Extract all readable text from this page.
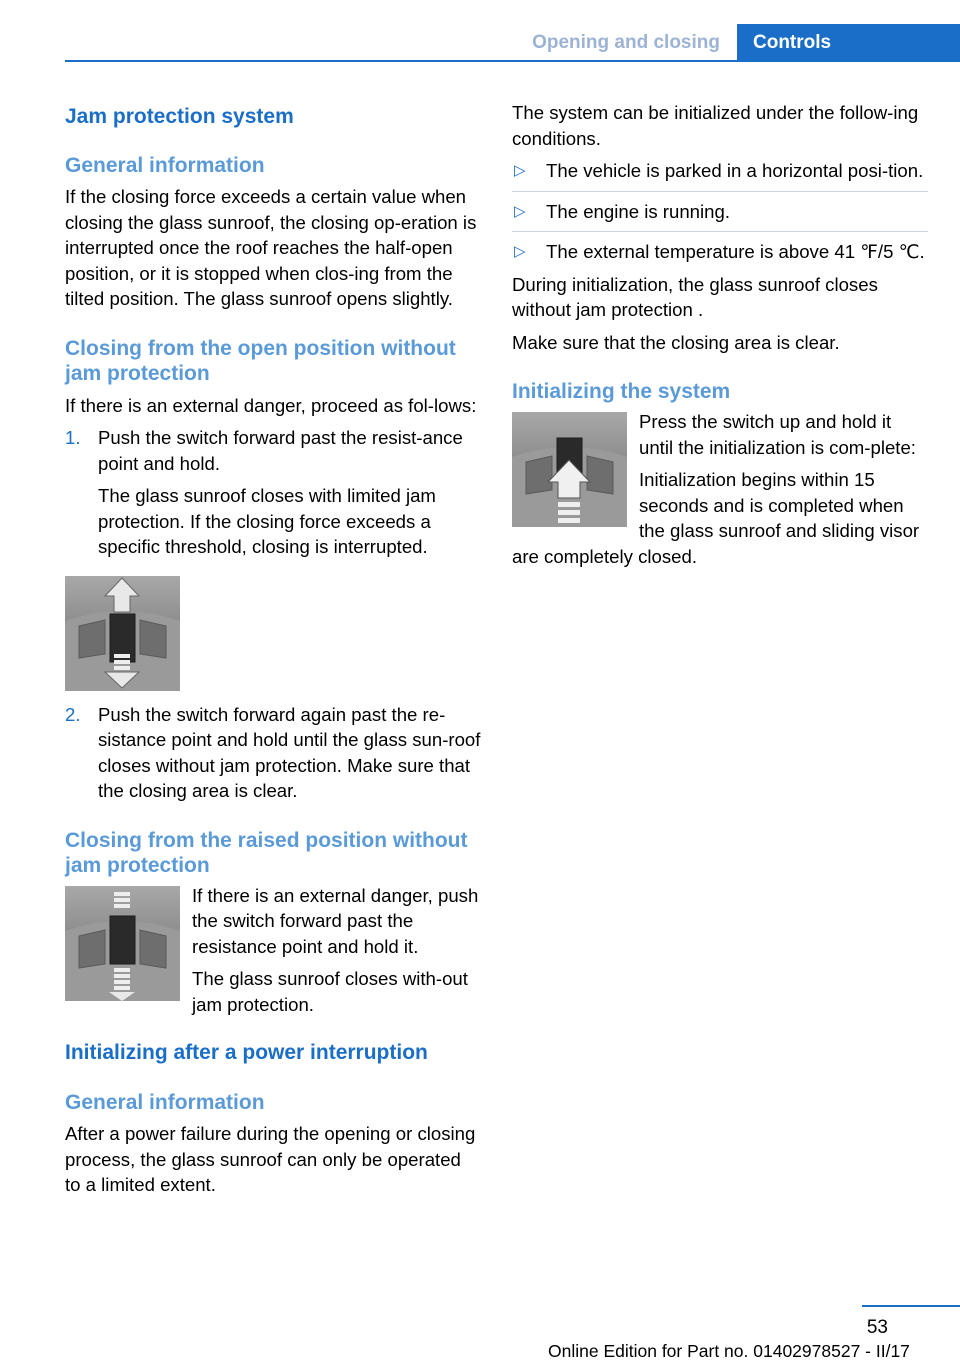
Opening and closing	Controls
Jam protection system
General information
If the closing force exceeds a certain value when closing the glass sunroof, the closing op‐eration is interrupted once the roof reaches the half-open position, or it is stopped when clos‐ing from the tilted position. The glass sunroof opens slightly.
Closing from the open position without jam protection
If there is an external danger, proceed as fol‐lows:
1. Push the switch forward past the resist‐ance point and hold.
The glass sunroof closes with limited jam protection. If the closing force exceeds a specific threshold, closing is interrupted.
2. Push the switch forward again past the re‐sistance point and hold until the glass sun‐roof closes without jam protection. Make sure that the closing area is clear.
Closing from the raised position without jam protection
If there is an external danger, push the switch forward past the resistance point and hold it.
The glass sunroof closes with‐out jam protection.
Initializing after a power interruption
General information
After a power failure during the opening or closing process, the glass sunroof can only be operated to a limited extent.
The system can be initialized under the follow‐ing conditions.
▷	The vehicle is parked in a horizontal posi‐tion.
▷	The engine is running.
▷	The external temperature is above 41 ℉/5 ℃.
During initialization, the glass sunroof closes without jam protection .
Make sure that the closing area is clear.
Initializing the system
Press the switch up and hold it until the initialization is com‐plete:
Initialization begins within 15 seconds and is completed when the glass sunroof and sliding visor are completely closed.
53
Online Edition for Part no. 01402978527 - II/17
